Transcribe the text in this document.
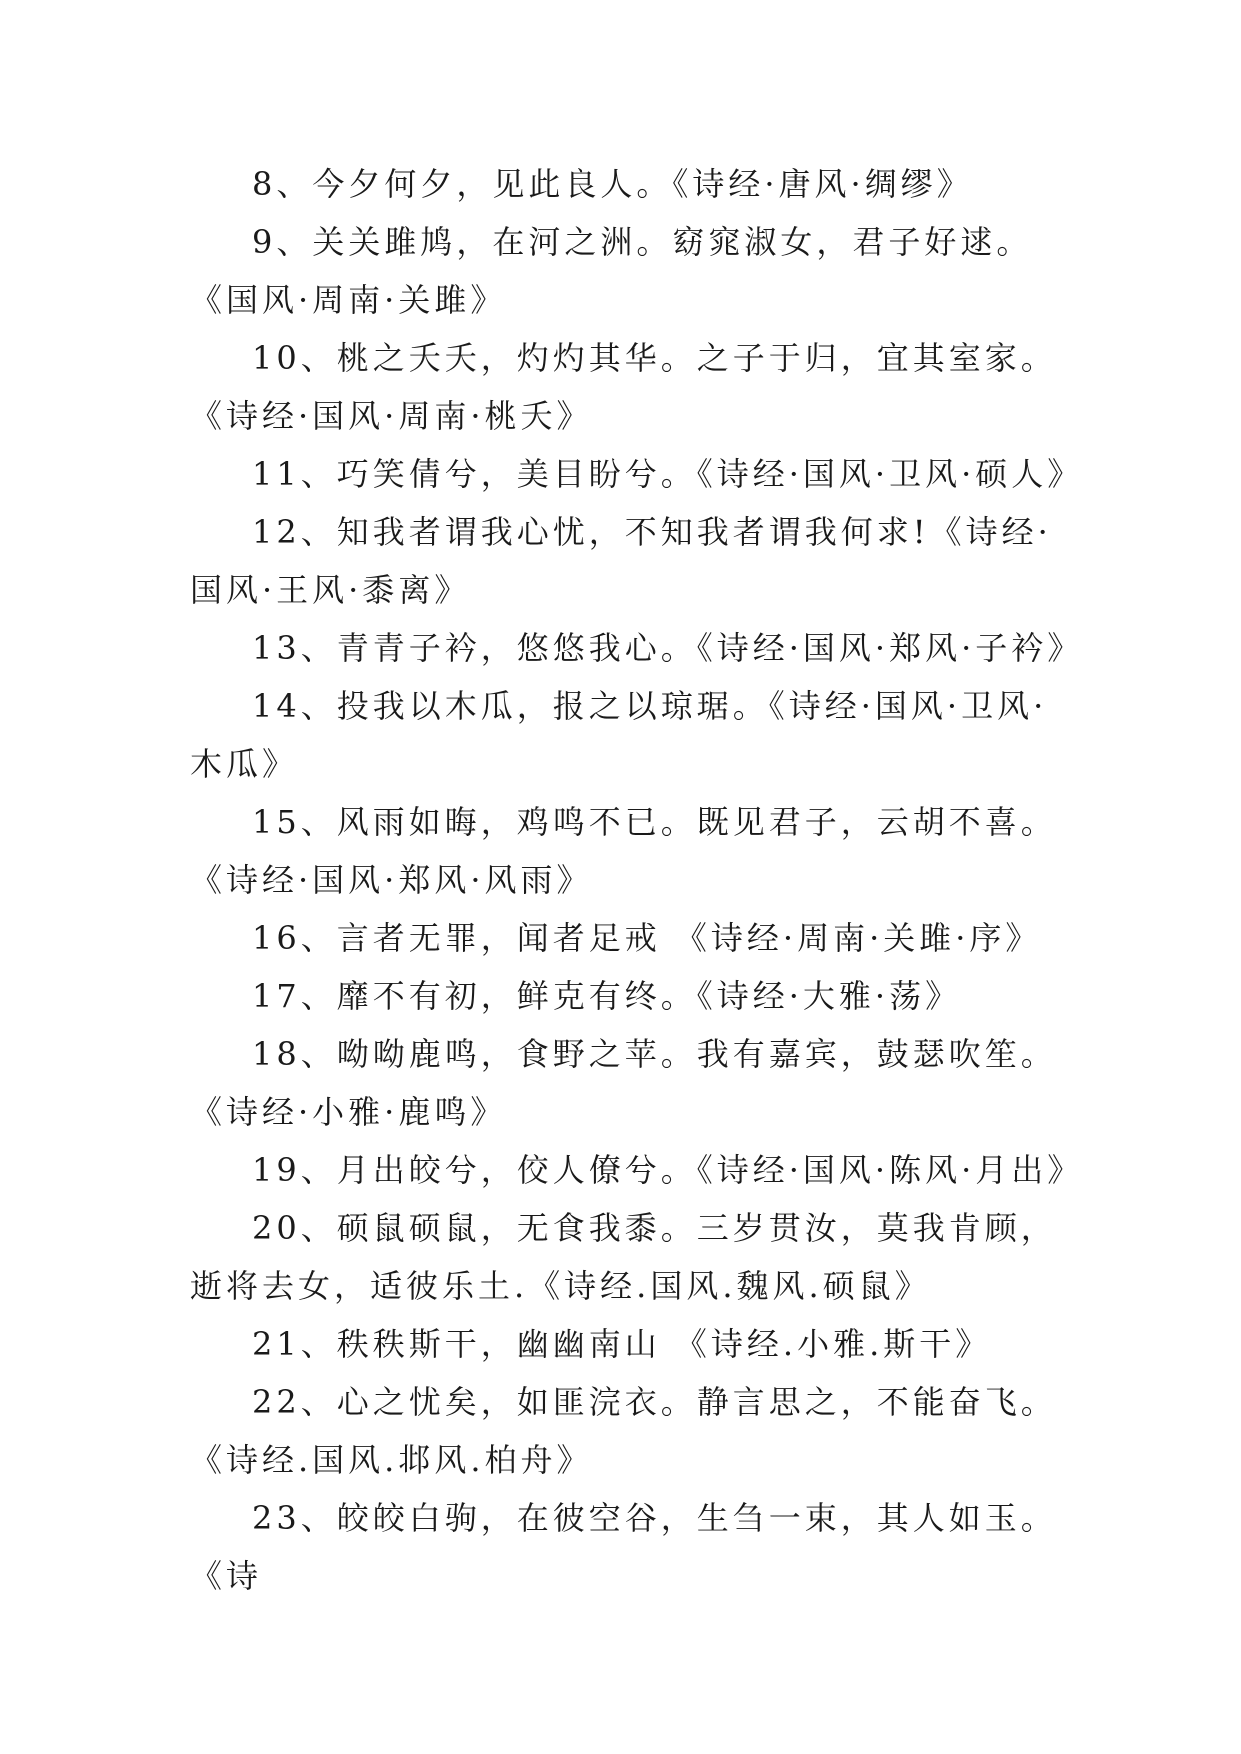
8、今夕何夕，见此良人。《诗经·唐风·绸缪》

9、关关雎鸠，在河之洲。窈窕淑女，君子好逑。《国风·周南·关雎》

10、桃之夭夭，灼灼其华。之子于归，宜其室家。《诗经·国风·周南·桃夭》

11、巧笑倩兮，美目盼兮。《诗经·国风·卫风·硕人》

12、知我者谓我心忧，不知我者谓我何求!《诗经·国风·王风·黍离》

13、青青子衿，悠悠我心。《诗经·国风·郑风·子衿》

14、投我以木瓜，报之以琼琚。《诗经·国风·卫风·木瓜》

15、风雨如晦，鸡鸣不已。既见君子，云胡不喜。《诗经·国风·郑风·风雨》

16、言者无罪，闻者足戒 《诗经·周南·关雎·序》

17、靡不有初，鲜克有终。《诗经·大雅·荡》

18、呦呦鹿鸣，食野之苹。我有嘉宾，鼓瑟吹笙。《诗经·小雅·鹿鸣》

19、月出皎兮，佼人僚兮。《诗经·国风·陈风·月出》

20、硕鼠硕鼠，无食我黍。三岁贯汝，莫我肯顾，逝将去女，适彼乐土.《诗经.国风.魏风.硕鼠》

21、秩秩斯干，幽幽南山 《诗经.小雅.斯干》

22、心之忧矣，如匪浣衣。静言思之，不能奋飞。《诗经.国风.邶风.柏舟》

23、皎皎白驹，在彼空谷，生刍一束，其人如玉。《诗
